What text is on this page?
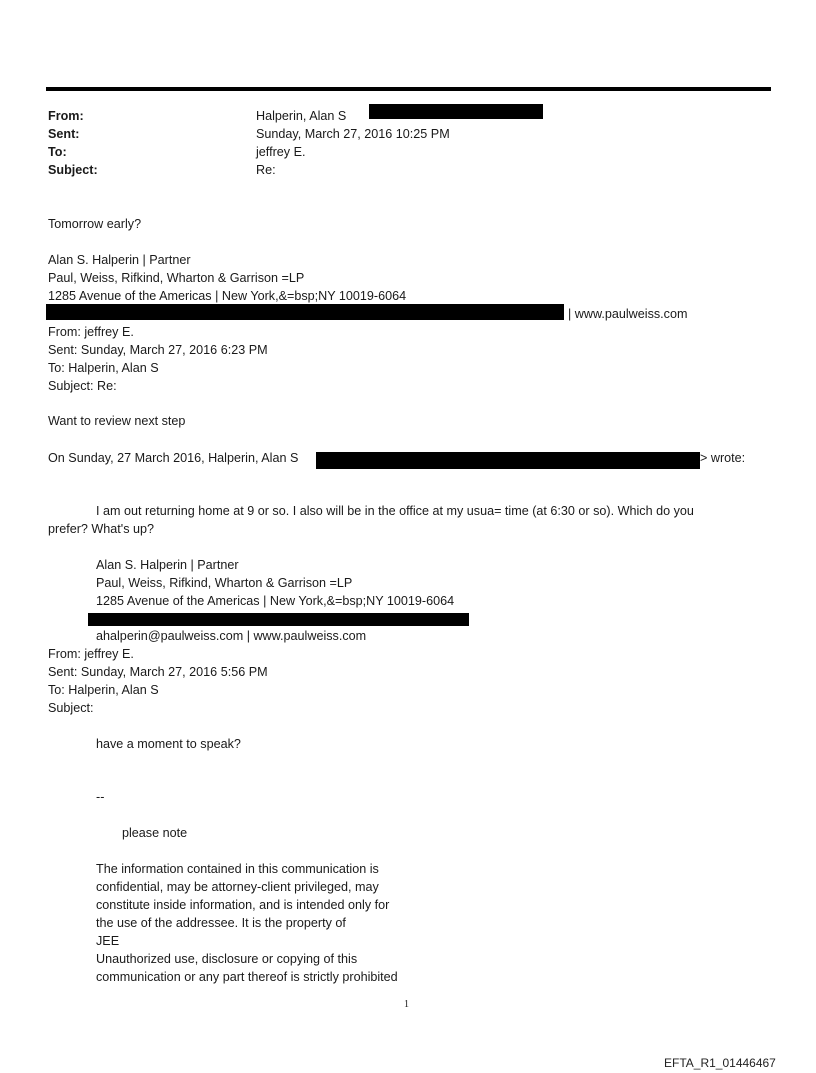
From:
Sent:
To:
Subject:
Halperin, Alan S
Sunday, March 27, 2016 10:25 PM
jeffrey E.
Re:
Tomorrow early?
Alan S. Halperin | Partner
Paul, Weiss, Rifkind, Wharton & Garrison =LP
1285 Avenue of the Americas | New York,&=bsp;NY 10019-6064
| www.paulweiss.com
From: jeffrey E.
Sent: Sunday, March 27, 2016 6:23 PM
To: Halperin, Alan S
Subject: Re:
Want to review next step
On Sunday, 27 March 2016, Halperin, Alan S	> wrote:
I am out returning home at 9 or so. I also will be in the office at my usua= time (at 6:30 or so). Which do you
prefer? What's up?
Alan S. Halperin | Partner
Paul, Weiss, Rifkind, Wharton & Garrison =LP
1285 Avenue of the Americas | New York,&=bsp;NY 10019-6064
ahalperin@paulweiss.com | www.paulweiss.com
From: jeffrey E.
Sent: Sunday, March 27, 2016 5:56 PM
To: Halperin, Alan S
Subject:
have a moment to speak?
--
please note
The information contained in this communication is
confidential, may be attorney-client privileged, may
constitute inside information, and is intended only for
the use of the addressee. It is the property of
JEE
Unauthorized use, disclosure or copying of this
communication or any part thereof is strictly prohibited
1
EFTA_R1_01446467
